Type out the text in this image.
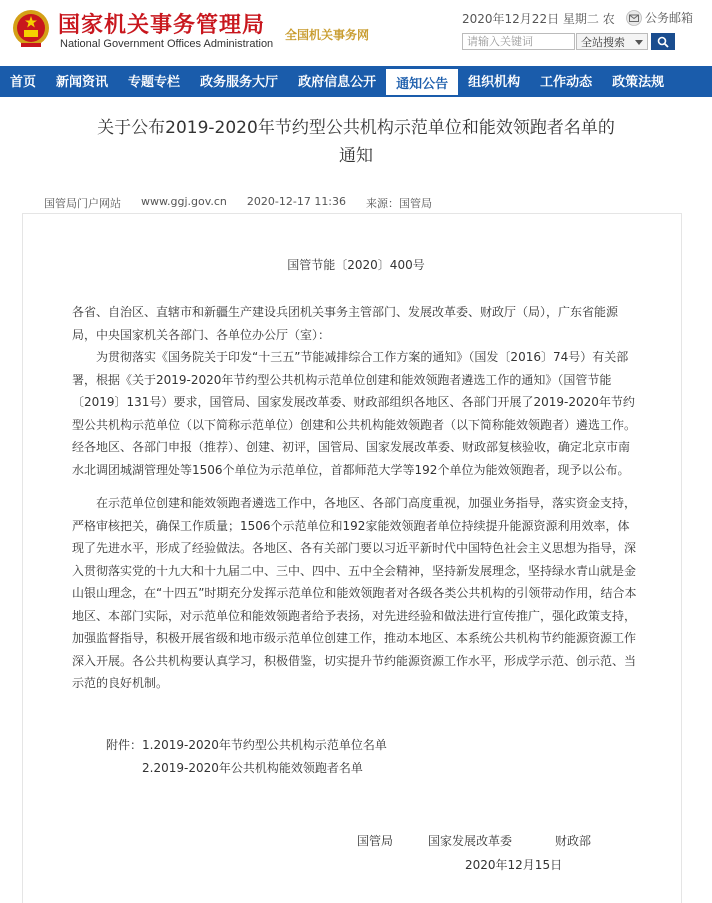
国家机关事务管理局
National Government Offices Administration
全国机关事务网
2020年12月22日 星期二 农	公务邮箱
请输入关键词
全站搜索
首页	新闻资讯	专题专栏	政务服务大厅	政府信息公开	通知公告	组织机构	工作动态	政策法规
关于公布2019-2020年节约型公共机构示范单位和能效领跑者名单的
通知
国管局门户网站 www.ggj.gov.cn 2020-12-17 11:36 来源：国管局
国管节能〔2020〕400号
各省、自治区、直辖市和新疆生产建设兵团机关事务主管部门、发展改革委、财政厅（局），广东省能源局，中央国家机关各部门、各单位办公厅（室）：
为贯彻落实《国务院关于印发“十三五”节能减排综合工作方案的通知》（国发〔2016〕74号）有关部署，根据《关于2019-2020年节约型公共机构示范单位创建和能效领跑者遴选工作的通知》（国管节能〔2019〕131号）要求，国管局、国家发展改革委、财政部组织各地区、各部门开展了2019-2020年节约型公共机构示范单位（以下简称示范单位）创建和公共机构能效领跑者（以下简称能效领跑者）遴选工作。经各地区、各部门申报（推荐）、创建、初评，国管局、国家发展改革委、财政部复核验收，确定北京市南水北调团城湖管理处等1506个单位为示范单位，首都师范大学等192个单位为能效领跑者，现予以公布。
在示范单位创建和能效领跑者遴选工作中，各地区、各部门高度重视，加强业务指导，落实资金支持，严格审核把关，确保工作质量；1506个示范单位和192家能效领跑者单位持续提升能源资源利用效率，体现了先进水平，形成了经验做法。各地区、各有关部门要以习近平新时代中国特色社会主义思想为指导，深入贯彻落实党的十九大和十九届二中、三中、四中、五中全会精神，坚持新发展理念，坚持绿水青山就是金山银山理念，在“十四五”时期充分发挥示范单位和能效领跑者对各级各类公共机构的引领带动作用，结合本地区、本部门实际，对示范单位和能效领跑者给予表扬，对先进经验和做法进行宣传推广，强化政策支持，加强监督指导，积极开展省级和地市级示范单位创建工作，推动本地区、本系统公共机构节约能源资源工作深入开展。各公共机构要认真学习，积极借鉴，切实提升节约能源资源工作水平，形成学示范、创示范、当示范的良好机制。
附件：1.2019-2020年节约型公共机构示范单位名单
2.2019-2020年公共机构能效领跑者名单
国管局	国家发展改革委	财政部
2020年12月15日
